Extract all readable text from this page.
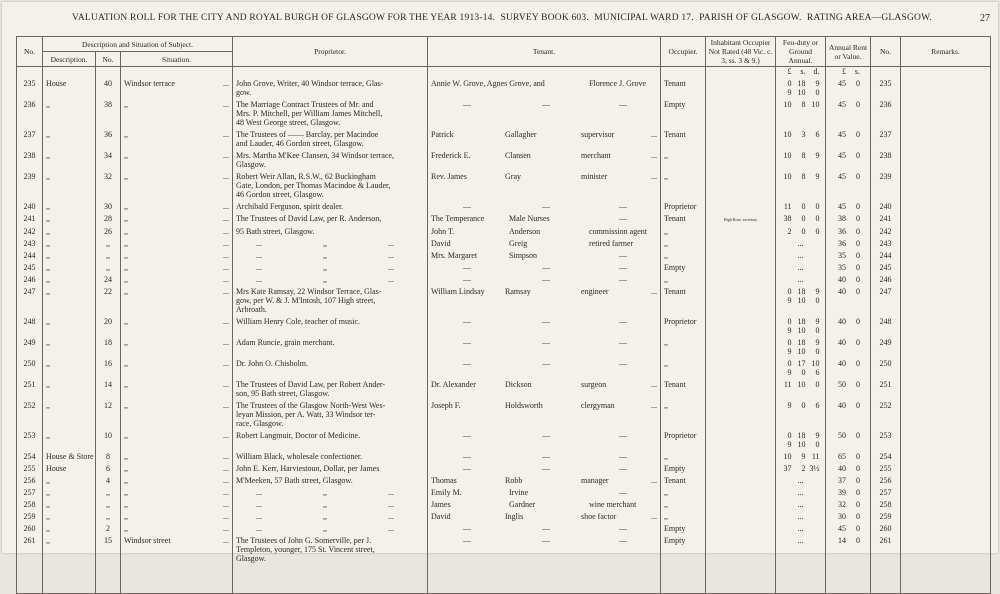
VALUATION ROLL FOR THE CITY AND ROYAL BURGH OF GLASGOW FOR THE YEAR 1913-14. SURVEY BOOK 603. MUNICIPAL WARD 17. PARISH OF GLASGOW. RATING AREA—GLASGOW.	27
No.	Description and Situation of Subject.			Proprietor.	Tenant.	Occupier.	Inhabitant Occupier Not Rated (48 Vic. c. 3, ss. 3 & 9.)	Feu-duty or Ground Annual.	Annual Rent or Value.	No.	Remarks.
	Description.	No.	Situation.								

								£ s. d.	£ s.		

235	House	40	Windsor terrace ...	John Grove, Writer, 40 Windsor terrace, Glas-	Annie W. Grove, Agnes Grove, and Florence J. Grove	Tenant		0 18 9	45 0	235	
				gow.				9 10 0			

236	,,	38	,, ...	The Marriage Contract Trustees of Mr. and	— — —	Empty		10 8 10	45 0	236	
				Mrs. P. Mitchell, per William James Mitchell,							
				48 West George street, Glasgow.							
237	,,	36	,, ...	The Trustees of —— Barclay, per Macindoe	Patrick Gallagher supervisor ...	Tenant		10 3 6	45 0	237	
				and Lauder, 46 Gordon street, Glasgow.							
238	,,	34	,, ...	Mrs. Martha M'Kee Clansen, 34 Windsor terrace,	Frederick E. Clansen merchant ...	,,		10 8 9	45 0	238	
				Glasgow.							
239	,,	32	,, ...	Robert Weir Allan, R.S.W., 62 Buckingham	Rev. James Gray minister ...	,,		10 8 9	45 0	239	
				Gate, London, per Thomas Macindoe & Lauder,							
				46 Gordon street, Glasgow.							
240	,,	30	,, ...	Archibald Ferguson, spirit dealer.	— — —	Proprietor		11 0 0	45 0	240	
241	,,	28	,, ...	The Trustees of David Law, per R. Anderson,	The Temperance Male Nurses —	Tenant	High Rose, secretary	38 0 0	38 0	241	
242	,,	26	,, ...	95 Bath street, Glasgow.	John T. Anderson commission agent	,,		2 0 0	36 0	242	
243	,,	,,	,, ...	... ,, ...	David Greig retired farmer	,,		...	36 0	243	
244	,,	,,	,, ...	... ,, ...	Mrs. Margaret Simpson —	,,		...	35 0	244	
245	,,	,,	,, ...	... ,, ...	— — —	Empty		...	35 0	245	
246	,,	24	,, ...	... ,, ...	— — —	,,		...	40 0	246	
247	,,	22	,, ...	Mrs Kate Ramsay, 22 Windsor Terrace, Glas-	William Lindsay Ramsay engineer ...	Tenant		0 18 9	40 0	247	
				gow, per W. & J. M'Intosh, 107 High street,				9 10 0			

				Arbroath.							
248	,,	20	,, ...	William Henry Cole, teacher of music.	— — —	Proprietor		0 18 9	40 0	248	

								9 10 0			

249	,,	18	,, ...	Adam Runcie, grain merchant.	— — —	,,		0 18 9	40 0	249	

								9 10 0			

250	,,	16	,, ...	Dr. John O. Chisholm.	— — —	,,		0 17 10	40 0	250	

								9 0 6			

251	,,	14	,, ...	The Trustees of David Law, per Robert Ander-	Dr. Alexander Dickson surgeon ...	Tenant		11 10 0	50 0	251	
				son, 95 Bath street, Glasgow.							
252	,,	12	,, ...	The Trustees of the Glasgow North-West Wes-	Joseph F. Holdsworth clergyman ...	,,		9 0 6	40 0	252	
				leyan Mission, per A. Watt, 33 Windsor ter-							
				race, Glasgow.							
253	,,	10	,, ...	Robert Langmuir, Doctor of Medicine.	— — —	Proprietor		0 18 9	50 0	253	

								9 10 0			

254	House & Store	8	,, ...	William Black, wholesale confectioner.	— — —	,,		10 9 11	65 0	254	
255	House	6	,, ...	John E. Kerr, Harviestoun, Dollar, per James	— — —	Empty		37 2 3½	40 0	255	
256	,,	4	,, ...	M'Meeken, 57 Bath street, Glasgow.	Thomas Robb manager ...	Tenant		...	37 0	256	
257	,,	,,	,, ...	... ,, ...	Emily M. Irvine —	,,		...	39 0	257	
258	,,	,,	,, ...	... ,, ...	James Gardner wine merchant	,,		...	32 0	258	
259	,,	,,	,, ...	... ,, ...	David Inglis shoe factor ...	,,		...	30 0	259	
260	,,	2	,, ...	... ,, ...	— — —	Empty		...	45 0	260	
261	,,	15	Windsor street ...	The Trustees of John G. Somerville, per J.	— — —	Empty		...	14 0	261	
				Templeton, younger, 175 St. Vincent street,							
				Glasgow.							
